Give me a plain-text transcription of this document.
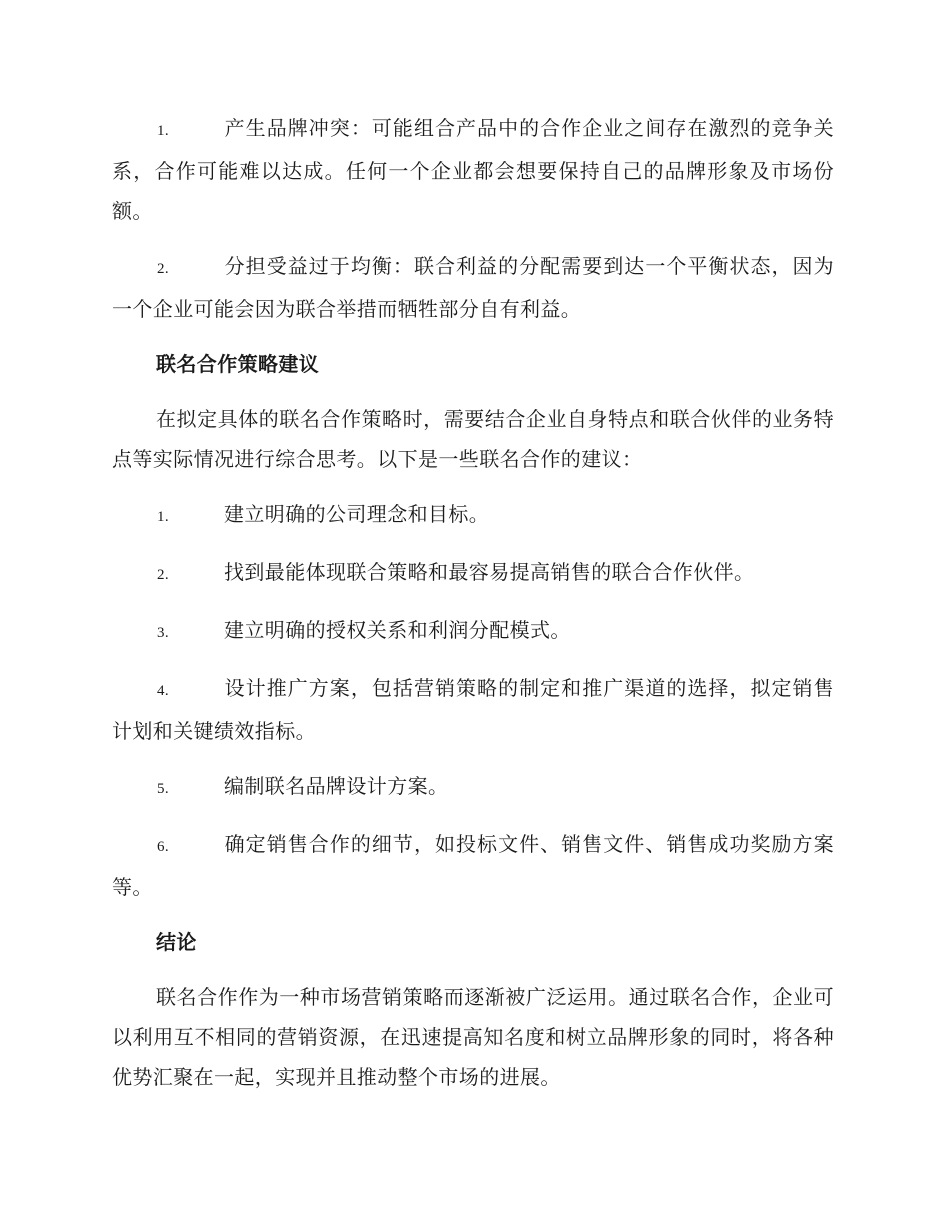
1.	产生品牌冲突：可能组合产品中的合作企业之间存在激烈的竞争关系，合作可能难以达成。任何一个企业都会想要保持自己的品牌形象及市场份额。

2.	分担受益过于均衡：联合利益的分配需要到达一个平衡状态，因为一个企业可能会因为联合举措而牺牲部分自有利益。

联名合作策略建议

在拟定具体的联名合作策略时，需要结合企业自身特点和联合伙伴的业务特点等实际情况进行综合思考。以下是一些联名合作的建议：

1.	建立明确的公司理念和目标。

2.	找到最能体现联合策略和最容易提高销售的联合合作伙伴。

3.	建立明确的授权关系和利润分配模式。

4.	设计推广方案，包括营销策略的制定和推广渠道的选择，拟定销售计划和关键绩效指标。

5.	编制联名品牌设计方案。

6.	确定销售合作的细节，如投标文件、销售文件、销售成功奖励方案等。

结论

联名合作作为一种市场营销策略而逐渐被广泛运用。通过联名合作，企业可以利用互不相同的营销资源，在迅速提高知名度和树立品牌形象的同时，将各种优势汇聚在一起，实现并且推动整个市场的进展。
